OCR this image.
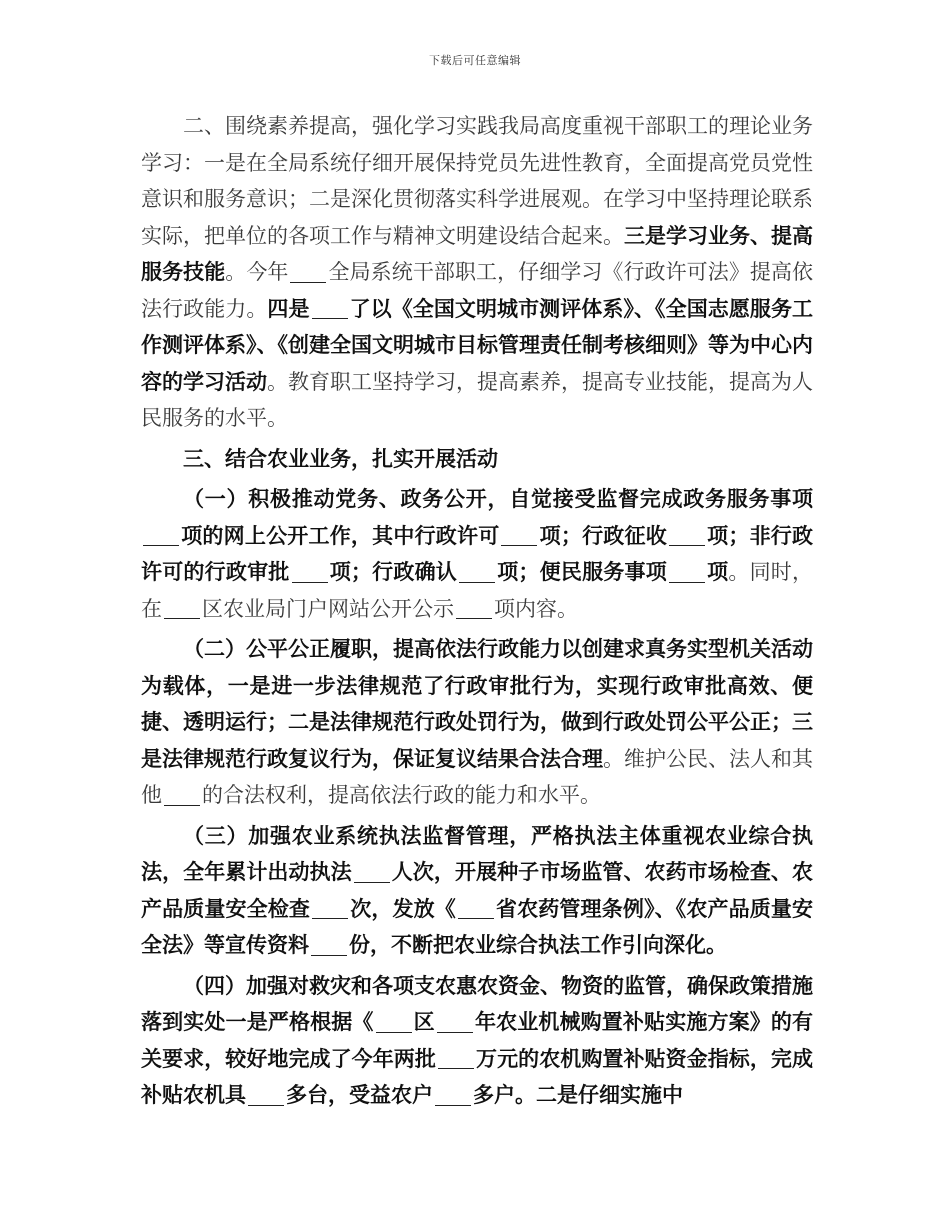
下载后可任意编辑

二、围绕素养提高，强化学习实践我局高度重视干部职工的理论业务学习：一是在全局系统仔细开展保持党员先进性教育，全面提高党员党性意识和服务意识；二是深化贯彻落实科学进展观。在学习中坚持理论联系实际，把单位的各项工作与精神文明建设结合起来。三是学习业务、提高服务技能。今年 全局系统干部职工，仔细学习《行政许可法》提高依法行政能力。四是 了以《全国文明城市测评体系》、《全国志愿服务工作测评体系》、《创建全国文明城市目标管理责任制考核细则》等为中心内容的学习活动。教育职工坚持学习，提高素养，提高专业技能，提高为人民服务的水平。

三、结合农业业务，扎实开展活动

（一）积极推动党务、政务公开，自觉接受监督完成政务服务事项项的网上公开工作，其中行政许可 项；行政征收 项；非行政许可的行政审批 项；行政确认 项；便民服务事项 项。同时，在 区农业局门户网站公开公示 项内容。

（二）公平公正履职，提高依法行政能力以创建求真务实型机关活动为载体，一是进一步法律规范了行政审批行为，实现行政审批高效、便捷、透明运行；二是法律规范行政处罚行为，做到行政处罚公平公正；三是法律规范行政复议行为，保证复议结果合法合理。维护公民、法人和其他 的合法权利，提高依法行政的能力和水平。

（三）加强农业系统执法监督管理，严格执法主体重视农业综合执法，全年累计出动执法 人次，开展种子市场监管、农药市场检查、农产品质量安全检查 次，发放《 省农药管理条例》、《农产品质量安全法》等宣传资料 份，不断把农业综合执法工作引向深化。

（四）加强对救灾和各项支农惠农资金、物资的监管，确保政策措施落到实处一是严格根据《 区 年农业机械购置补贴实施方案》的有关要求，较好地完成了今年两批 万元的农机购置补贴资金指标，完成补贴农机具 多台，受益农户 多户。二是仔细实施中
